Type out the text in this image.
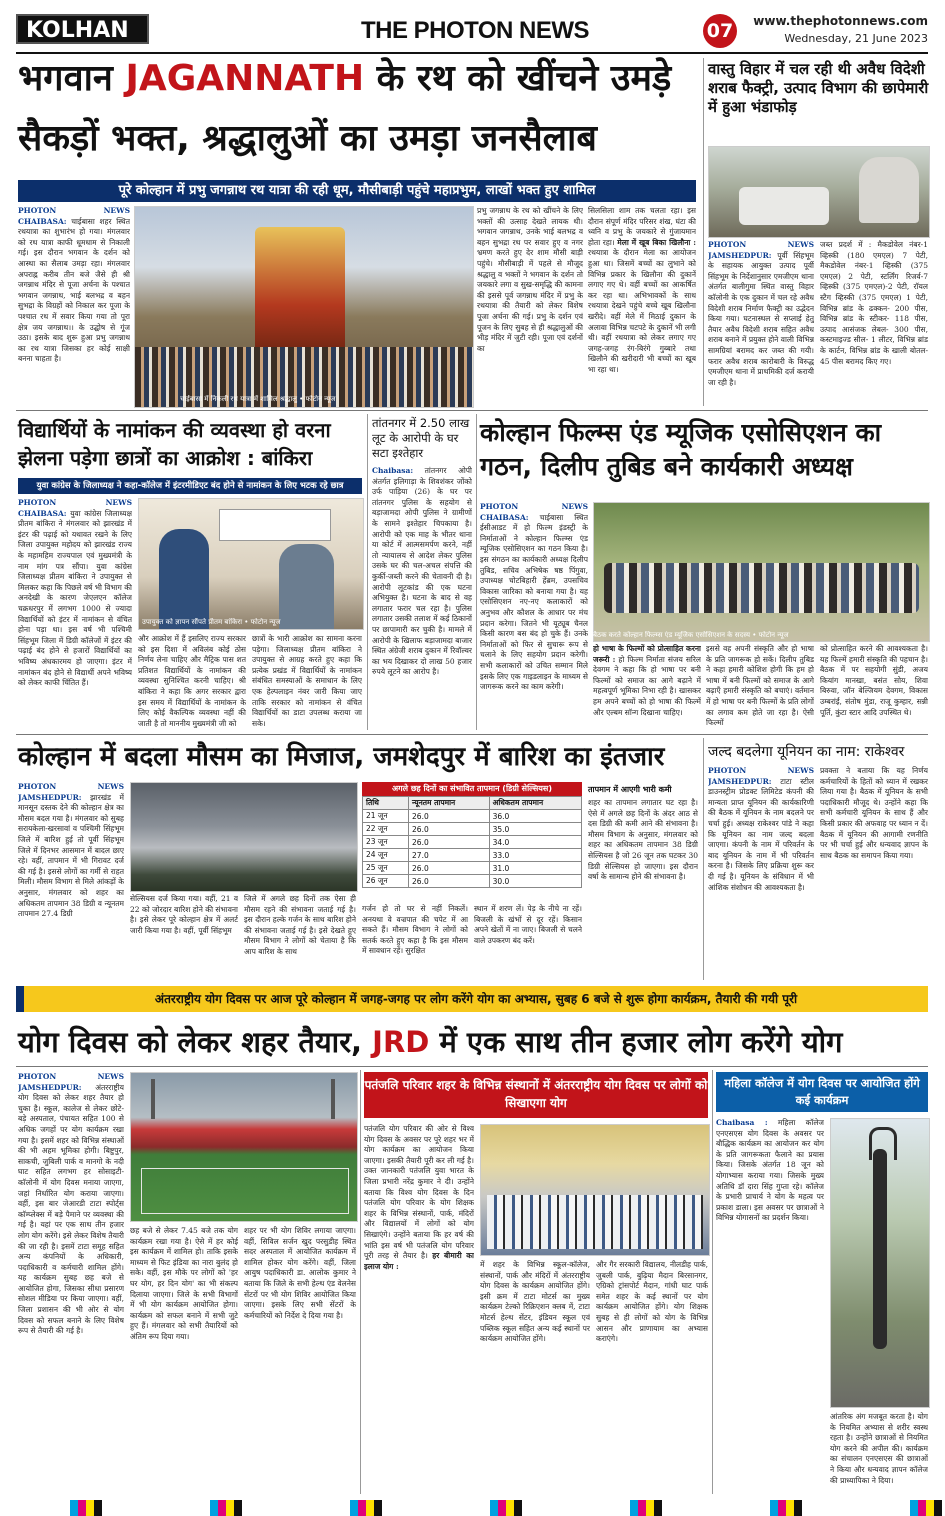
KOLHAN	THE PHOTON NEWS	07	www.thephotonnews.com
Wednesday, 21 June 2023
भगवान JAGANNATH के रथ को खींचने उमड़े
सैकड़ों भक्त, श्रद्धालुओं का उमड़ा जनसैलाब
पूरे कोल्हान में प्रभु जगन्नाथ रथ यात्रा की रही धूम, मौसीबाड़ी पहुंचे महाप्रभुम, लाखों भक्त हुए शामिल
PHOTON NEWS CHAIBASA: चाईबासा शहर स्थित रथयात्रा का शुभारंभ हो गया। मंगलवार को रथ यात्रा काफी धूमधाम से निकाली गई। इस दौरान भगवान के दर्शन को आस्था का सैलाब उमड़ा रहा। मंगलवार अपराह्न करीब तीन बजे जैसे ही श्री जगन्नाथ मंदिर से पूजा अर्चना के पश्चात भगवान जगन्नाथ, भाई बलभद्र व बहन सुभद्रा के विग्रहों को निकाल कर पूजा के पश्चात रथ में सवार किया गया तो पूरा क्षेत्र जय जगन्नाथ।। के उद्घोष से गूंज उठा। इसके बाद शुरू हुआ प्रभु जगन्नाथ का रथ यात्रा जिसका हर कोई साक्षी बनना चाहता है।
चाईबासा में निकली रथ यात्रा में शामिल श्रद्धालु • फोटोन न्यूज
प्रभु जगन्नाथ के रथ को खींचने के लिए भक्तों की उत्साह देखते लायक थी। भगवान जगन्नाथ, उनके भाई बलभद्र व बहन सुभद्रा रथ पर सवार हुए व नगर भ्रमण करते हुए देर शाम मौसी बाड़ी पहुंचे। मौसीबाड़ी में पहले से मौजूद श्रद्धालु व भक्तों ने भगवान के दर्शन तो जयकारे लगा व सुख-समृद्धि की कामना की इससे पूर्व जगन्नाथ मंदिर में प्रभु के रथयात्रा की तैयारी को लेकर विशेष पूजा अर्चना की गई। प्रभु के दर्शन एवं पूजन के लिए सुबह से ही श्रद्धालुओं की भीड़ मंदिर में जुटी रही। पूजा एवं दर्शनों का
सिलसिला शाम तक चलता रहा। इस दौरान संपूर्ण मंदिर परिसर शंख, घंटा की ध्वनि व प्रभु के जयकारे से गुंजायमान होता रहा। मेला में खूब बिका खिलौना : रथयात्रा के दौरान मेला का आयोजन हुआ था। जिसमें बच्चों का लुभाने को विभिन्न प्रकार के खिलौना की दुकानें लगाए गए थे। वहीं बच्चों का आकर्षित कर रहा था। अभिभावकों के साथ रथयात्रा देखने पहुंचे बच्चे खूब खिलौना खरीदे। वहीं मेले में मिठाई दुकान के अलावा विभिन्न चटपटे के दुकानें भी लगी थी। वहीं रथयात्रा को लेकर लगाए गए जगह-जगह रंग-बिरंगे गुब्बारे तथा खिलौने की खरीदारी भी बच्चों का खूब भा रहा था।
वास्तु विहार में चल रही थी अवैध विदेशी शराब फैक्ट्री, उत्पाद विभाग की छापेमारी में हुआ भंडाफोड़
PHOTON NEWS JAMSHEDPUR: पूर्वी सिंहभूम के सहायक आयुक्त उत्पाद पूर्वी सिंहभूम के निर्देशानुसार एमजीएम थाना अंतर्गत बालीगुमा स्थित वास्तु विहार कॉलोनी के एक दुकान में चल रहे अवैध विदेशी शराब निर्माण फैक्ट्री का उद्भेदन किया गया। घटनास्थल से सप्लाई हेतु तैयार अवैध विदेशी शराब सहित अवैध शराब बनाने में प्रयुक्त होने वाली विभिन्न सामग्रियां बरामद कर जब्त की गयी। फरार अवैध शराब कारोबारी के विरुद्ध एमजीएम थाना में प्राथमिकी दर्ज करायी जा रही है।
जब्त प्रदर्श में : मैकडोवेल नंबर-1 व्हिस्की (180 एमएल) 7 पेटी, मैकडोवेल नंबर-1 व्हिस्की (375 एमएल) 2 पेटी, स्टर्लिंग रिजर्व-7 व्हिस्की (375 एमएल)-2 पेटी, रॉयल स्टैग व्हिस्की (375 एमएल) 1 पेटी, विभिन्न ब्रांड के ढक्कन- 200 पीस, विभिन्न ब्रांड के स्टीकर- 118 पीस, उत्पाद आसंजक लेबल- 300 पीस, कस्टमाइज्ड सील- 1 लीटर, विभिन्न ब्रांड के कार्टन, विभिन्न ब्रांड के खाली बोतल- 45 पीस बरामद किए गए।
विद्यार्थियों के नामांकन की व्यवस्था हो वरना झेलना पड़ेगा छात्रों का आक्रोश : बांकिरा
युवा कांग्रेस के जिलाध्यक्ष ने कहा-कॉलेज में इंटरमीडिएट बंद होने से नामांकन के लिए भटक रहे छात्र
PHOTON NEWS CHAIBASA: युवा कांग्रेस जिलाध्यक्ष प्रीतम बांकिरा ने मंगलवार को झारखंड में इंटर की पढ़ाई को यथावत रखने के लिए जिला उपायुक्त महोदय को झारखंड राज्य के महामहिम राज्यपाल एवं मुख्यमंत्री के नाम मांग पत्र सौंपा। युवा कांग्रेस जिलाध्यक्ष प्रीतम बांकिरा ने उपायुक्त से मिलकर कहा कि पिछले वर्ष भी विभाग की अनदेखी के कारण जेएलएन कॉलेज चक्रधरपुर में लगभग 1000 से ज्यादा विद्यार्थियों को इंटर में नामांकन से वंचित होना पड़ा था। इस वर्ष भी पश्चिमी सिंहभूम जिला में डिग्री कॉलेजों में इंटर की पढ़ाई बंद होने से हजारों विद्यार्थियों का भविष्य अंधकारमय हो जाएगा। इंटर में नामांकन बंद होने से विद्यार्थी अपने भविष्य को लेकर काफी चिंतित हैं।
उपायुक्त को ज्ञापन सौंपते प्रीतम बांकिरा • फोटोन न्यूज
और आक्रोश में हैं इसलिए राज्य सरकार को इस दिशा में अविलंब कोई ठोस निर्णय लेना चाहिए और मैट्रिक पास शत प्रतिशत विद्यार्थियों के नामांकन की व्यवस्था सुनिश्चित करनी चाहिए। श्री बांकिरा ने कहा कि अगर सरकार द्वारा इस समय में विद्यार्थियों के नामांकन के लिए कोई वैकल्पिक व्यवस्था नहीं की जाती है तो माननीय मुख्यमंत्री जी को
छात्रों के भारी आक्रोश का सामना करना पड़ेगा। जिलाध्यक्ष प्रीतम बांकिरा ने उपायुक्त से आग्रह करते हुए कहा कि प्रत्येक प्रखंड में विद्यार्थियों के नामांकन संबंधित समस्याओं के समाधान के लिए एक हेल्पलाइन नंबर जारी किया जाए ताकि सरकार को नामांकन से वंचित विद्यार्थियों का डाटा उपलब्ध कराया जा सके।
तांतनगर में 2.50 लाख लूट के आरोपी के घर सटा इश्तेहार
Chaibasa: तांतनगर ओपी अंतर्गत इलिगाड़ा के शिवशंकर जोंको उर्फ पाड़िया (26) के घर पर तांतनगर पुलिस के सहयोग से बड़ाजामदा ओपी पुलिस ने ग्रामीणों के सामने इश्तेहार चिपकाया है। आरोपी को एक माह के भीतर थाना या कोर्ट में आत्मसमर्पण करने, नहीं तो न्यायालय से आदेश लेकर पुलिस उसके घर की चल-अचल संपत्ति की कुर्की-जब्ती करने की चेतावनी दी है। आरोपी लूटकांड की एक घटना अभियुक्त है। घटना के बाद से वह लगातार फरार चल रहा है। पुलिस लगातार उसकी तलाश में कई ठिकानों पर छापामारी कर चुकी है। मामले में आरोपी के खिलाफ बड़ाजामदा बाजार स्थित अंग्रेजी शराब दुकान में रिवॉल्वर का भय दिखाकर दो लाख 50 हजार रुपये लूटने का आरोप है।
कोल्हान फिल्म्स एंड म्यूजिक एसोसिएशन का गठन, दिलीप तुबिड बने कार्यकारी अध्यक्ष
PHOTON NEWS CHAIBASA: चाईबासा स्थित ईसीआडट में हो फिल्म इंडस्ट्री के निर्माताओं ने कोल्हान फिल्म्स एंड म्यूजिक एसोसिएशन का गठन किया है। इस संगठन का कार्यकारी अध्यक्ष दिलीप तुबिड, सचिव अभिषेक षष्ठ पिंगुवा, उपाध्यक्ष चोटबिहारी हेंब्रम, उपसचिव विकास जारिका को बनाया गया है। यह एसोसिएशन नए-नए कलाकारों को अनुभव और कौशल के आधार पर मंच प्रदान करेगा। जितने भी यूट्यूब चैनल किसी कारण बस बंद हो चुके हैं। उनके निर्माताओं को फिर से सुचारू रूप से चलाने के लिए सहयोग प्रदान करेगी। सभी कलाकारों को उचित सम्मान मिले इसके लिए एक गाइडलाइन के माध्यम से जागरूक करने का काम करेगी।
बैठक करते कोल्हान फिल्म्स एंड म्यूजिक एसोसिएशन के सदस्य • फोटोन न्यूज
हो भाषा के फिल्मों को प्रोत्साहित करना जरूरी : हो फिल्म निर्माता संजय सरिल देवगम ने कहा कि हो भाषा पर बनी फिल्मों को समाज का आगे बढ़ाने में महत्वपूर्ण भूमिका निभा रही है। खासकर हम अपने बच्चों को हो भाषा की फिल्में और एल्बम सॉन्ग दिखाना चाहिए।
इससे वह अपनी संस्कृति और हो भाषा के प्रति जागरूक हो सकें। दिलीप तुबिड ने कहा हमारी कोशिश होगी कि हम हो भाषा में बनी फिल्मों को समाज के आगे बढ़ाएँ हमारी संस्कृति को बचाएं। वर्तमान में हो भाषा पर बनी फिल्मों के प्रति लोगों का लगाव कम होते जा रहा है। ऐसी फिल्मों
को प्रोत्साहित करने की आवश्यकता है। यह फिल्में हमारी संस्कृति की पहचान है। बैठक में पर सहयोगी सुंडी, अजय कियांग मानखा, बसंत सोय, शिवा बिरुवा, जॉन बेल्जियम देवगम, विकास उम्बरांईं, संतोष मुंडा, राजू कुम्हार, सन्नी पूर्ति, कुंटा स्टार आदि उपस्थित थे।
कोल्हान में बदला मौसम का मिजाज, जमशेदपुर में बारिश का इंतजार
PHOTON NEWS JAMSHEDPUR: झारखंड में मानसून दस्तक देने की कोल्हान क्षेत्र का मौसम बदल गया है। मंगलवार को सुबह सरायकेला-खरसावां व पश्चिमी सिंहभूम जिले में बारिश हुई तो पूर्वी सिंहभूम जिले में दिनभर आसमान में बादल छाए रहे। वहीं, तापमान में भी गिरावट दर्ज की गई है। इससे लोगों का गर्मी से राहत मिली। मौसम विभाग से मिले आंकड़ों के अनुसार, मंगलवार को शहर का अधिकतम तापमान 38 डिग्री व न्यूनतम तापमान 27.4 डिग्री
सेल्सियस दर्ज किया गया। वहीं, 21 व 22 को जोरदार बारिश होने की संभावना है। इसे लेकर पूरे कोल्हान क्षेत्र में अलर्ट जारी किया गया है। वहीं, पूर्वी सिंहभूम
जिले में अगले छह दिनों तक ऐसा ही मौसम रहने की संभावना जताई गई है। इस दौरान हल्के गर्जन के साथ बारिश होने की संभावना जताई गई है। इसे देखते हुए मौसम विभाग ने लोगों को चेताया है कि आप बारिश के साथ
अगले छह दिनों का संभावित तापमान (डिग्री सेल्सियस)
तिथि	न्यूनतम तापमान	अधिकतम तापमान
21 जून	26.0	36.0
22 जून	26.0	35.0
23 जून	26.0	34.0
24 जून	27.0	33.0
25 जून	26.0	31.0
26 जून	26.0	30.0
गर्जन हो तो घर से नहीं निकलें। अनयथा वे वज्रपात की चपेट में आ सकते हैं। मौसम विभाग ने लोगों को सतर्क करते हुए कहा है कि इस मौसम में सावधान रहें। सुरक्षित
स्थान में शरण लें। पेड़ के नीचे ना रहें। बिजली के खंभों से दूर रहें। किसान अपने खेतों में ना जाए। बिजली से चलने वाले उपकरण बंद करें।
तापमान में आएगी भारी कमी
शहर का तापमान लगातार घट रहा है। ऐसे में अगले छह दिनों के अंदर आठ से दस डिग्री की कमी आने की संभावना है। मौसम विभाग के अनुसार, मंगलवार को शहर का अधिकतम तापमान 38 डिग्री सेल्सियस है जो 26 जून तक घटकर 30 डिग्री सेल्सियस हो जाएगा। इस दौरान वर्षा के सामान्य होने की संभावना है।
जल्द बदलेगा यूनियन का नाम: राकेश्वर
PHOTON NEWS JAMSHEDPUR: टाटा स्टील डाउनस्ट्रीम प्रोडक्ट लिमिटेड कंपनी की मान्यता प्राप्त यूनियन की कार्यकारिणी की बैठक में यूनियन के नाम बदलने पर चर्चा हुई। अध्यक्ष राकेश्वर पांडे ने कहा कि यूनियन का नाम जल्द बदला जाएगा। कंपनी के नाम में परिवर्तन के बाद यूनियन के नाम में भी परिवर्तन करना है। जिसके लिए प्रक्रिया शुरू कर दी गई है। यूनियन के संविधान में भी आंशिक संशोधन की आवश्यकता है।
प्रवक्ता ने बताया कि यह निर्णय कर्मचारियों के हितों को ध्यान में रखकर लिया गया है। बैठक में यूनियन के सभी पदाधिकारी मौजूद थे। उन्होंने कहा कि सभी कर्मचारी यूनियन के साथ हैं और किसी प्रकार की अफवाह पर ध्यान न दें। बैठक में यूनियन की आगामी रणनीति पर भी चर्चा हुई और धन्यवाद ज्ञापन के साथ बैठक का समापन किया गया।
अंतरराष्ट्रीय योग दिवस पर आज पूरे कोल्हान में जगह-जगह पर लोग करेंगे योग का अभ्यास, सुबह 6 बजे से शुरू होगा कार्यक्रम, तैयारी की गयी पूरी
योग दिवस को लेकर शहर तैयार, JRD में एक साथ तीन हजार लोग करेंगे योग
PHOTON NEWS JAMSHEDPUR: अंतरराष्ट्रीय योग दिवस को लेकर शहर तैयार हो चुका है। स्कूल, कालेज से लेकर छोटे-बड़े अस्पताल, पंचायत सहित 100 से अधिक जगहों पर योग कार्यक्रम रखा गया है। इसमें शहर को विभिन्न संस्थाओं की भी अहम भूमिका होगी। बिष्टुपुर, साकची, जुबिली पार्क व मानगो के नदी घाट सहित लगभग हर सोसाइटी-कॉलोनी में योग दिवस मनाया जाएगा, जहां निर्धारित योग कराया जाएगा। वहीं, इस बार जेआरडी टाटा स्पोर्ट्स कॉम्प्लेक्स में बड़े पैमाने पर व्यवस्था की गई है। यहां पर एक साथ तीन हजार लोग योग करेंगे। इसे लेकर विशेष तैयारी की जा रही है। इसमें टाटा समूह सहित अन्य कंपनियों के अधिकारी, पदाधिकारी व कर्मचारी शामिल होंगे। यह कार्यक्रम सुबह छह बजे से आयोजित होगा, जिसका सीधा प्रसारण सोशल मीडिया पर किया जाएगा। वहीं, जिला प्रशासन की भी ओर से योग दिवस को सफल बनाने के लिए विशेष रूप से तैयारी की गई है।
छह बजे से लेकर 7.45 बजे तक योग कार्यक्रम रखा गया है। ऐसे में हर कोई इस कार्यक्रम में शामिल हो। ताकि इसके माध्यम से फिट इंडिया का नारा बुलंद हो सके। वहीं, इस मौके पर लोगों को 'हर घर योग, हर दिन योग' का भी संकल्प दिलाया जाएगा। जिले के सभी विभागों में भी योग कार्यक्रम आयोजित होगा। कार्यक्रम को सफल बनाने में सभी जुटे हुए हैं। मंगलवार को सभी तैयारियों को अंतिम रूप दिया गया।
शहर पर भी योग शिविर लगाया जाएगा। वहीं, सिविल सर्जन खुद परसुडीह स्थित सदर अस्पताल में आयोजित कार्यक्रम में शामिल होकर योग करेंगे। वहीं, जिला आयुष पदाधिकारी डा. आलोक कुमार ने बताया कि जिले के सभी हेल्थ एंड वेलनेस सेंटरों पर भी योग शिविर आयोजित किया जाएगा। इसके लिए सभी सेंटरों के कर्मचारियों को निर्देश दे दिया गया है।
पतंजलि परिवार शहर के विभिन्न संस्थानों में अंतरराष्ट्रीय योग दिवस पर लोगों को सिखाएगा योग
पतंजलि योग परिवार की ओर से विश्व योग दिवस के अवसर पर पूरे शहर भर में योग कार्यक्रम का आयोजन किया जाएगा। इसकी तैयारी पूरी कर ली गई है। उक्त जानकारी पतंजलि युवा भारत के जिला प्रभारी नरेंद्र कुमार ने दी। उन्होंने बताया कि विश्व योग दिवस के दिन पतंजलि योग परिवार के योग शिक्षक शहर के विभिन्न संस्थानों, पार्क, मंदिरों और विद्यालयों में लोगों को योग सिखाएंगे। उन्होंने बताया कि हर वर्ष की भांति इस वर्ष भी पतंजलि योग परिवार पूरी तरह से तैयार है। हर बीमारी का इलाज योग :	में शहर के विभिन्न स्कूल-कॉलेज, संस्थानों, पार्क और मंदिरों में अंतरराष्ट्रीय योग दिवस के कार्यक्रम आयोजित होंगे। इसी क्रम में टाटा मोटर्स का मुख्य कार्यक्रम टेल्को रिक्रिएशन क्लब में, टाटा मोटर्स हेल्थ सेंटर, इंडियन स्कूल एवं पब्लिक स्कूल सहित अन्य कई स्थानों पर कार्यक्रम आयोजित होंगे।
और गैर सरकारी विद्यालय, नीलडीह पार्क, जुबली पार्क, बुढ़िया मैदान बिरसानगर, एग्रिको ट्रांसपोर्ट मैदान, गांधी घाट पार्क समेत शहर के कई स्थानों पर योग कार्यक्रम आयोजित होंगे। योग शिक्षक सुबह से ही लोगों को योग के विभिन्न आसन और प्राणायाम का अभ्यास कराएंगे।
महिला कॉलेज में योग दिवस पर आयोजित होंगे कई कार्यक्रम
Chaibasa : महिला कॉलेज एनएसएस योग दिवस के अवसर पर बौद्धिक कार्यक्रम का आयोजन कर योग के प्रति जागरूकता फैलाने का प्रयास किया। जिसके अंतर्गत 18 जून को योगाभ्यास कराया गया। जिसके मुख्य अतिथि डॉ दारा सिंह गुप्ता रहे। कॉलेज के प्रभारी प्राचार्य ने योग के महत्व पर प्रकाश डाला। इस अवसर पर छात्राओं ने विभिन्न योगासनों का प्रदर्शन किया।
आंतरिक अंग मजबूत करता है। योग के नियमित अभ्यास से शरीर स्वस्थ रहता है। उन्होंने छात्राओं से नियमित योग करने की अपील की। कार्यक्रम का संचालन एनएसएस की छात्राओं ने किया और धन्यवाद ज्ञापन कॉलेज की प्राध्यापिका ने दिया।
